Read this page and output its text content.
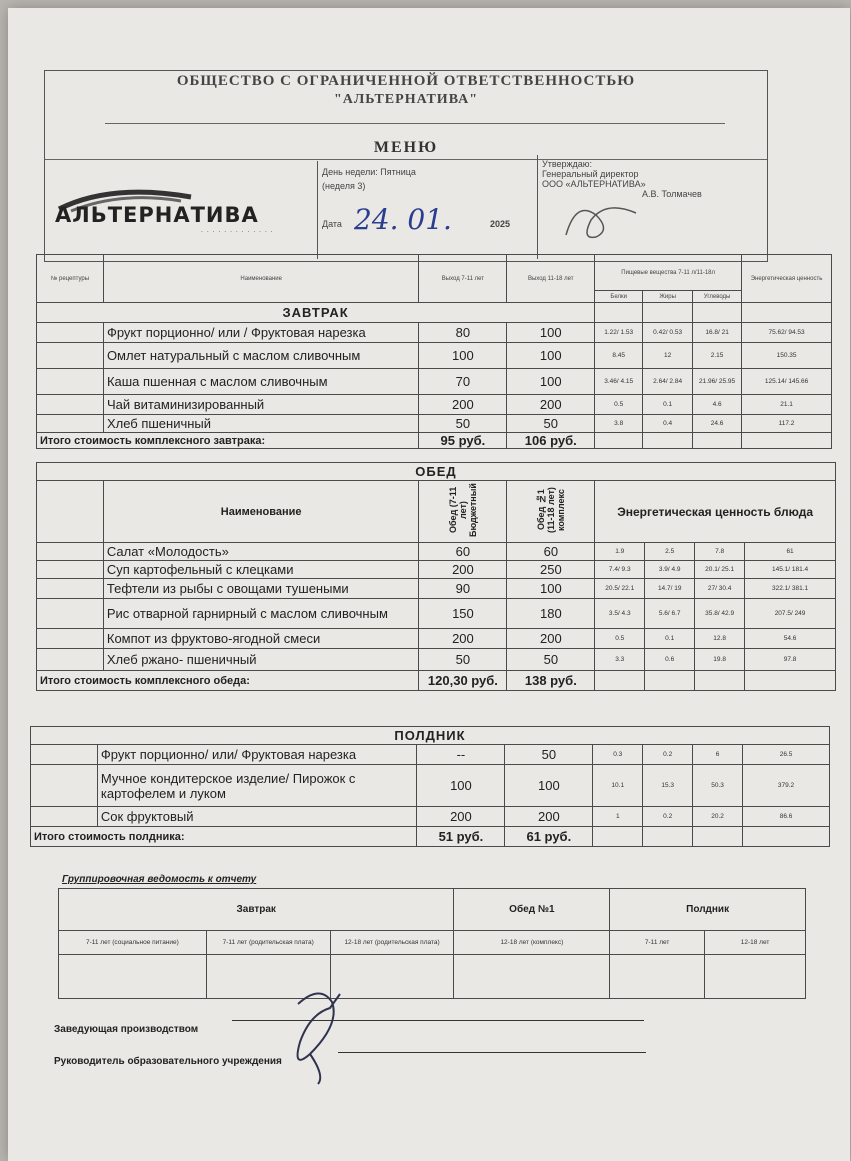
ОБЩЕСТВО С ОГРАНИЧЕННОЙ ОТВЕТСТВЕННОСТЬЮ
"АЛЬТЕРНАТИВА"
МЕНЮ
АЛЬТЕРНАТИВА
· · · · · · · · · · · · ·
День недели: Пятница
(неделя 3)
Дата 24. 01.	2025
Утверждаю:
Генеральный директор
ООО «АЛЬТЕРНАТИВА»
А.В. Толмачев
№ рецептуры	Наименование	Выход 7-11 лет	Выход 11-18 лет	Пищевые вещества 7-11 л/11-18л			Энергетическая ценность
				Белки	Жиры	Углеводы	
ЗАВТРАК							
	Фрукт порционно/ или / Фруктовая нарезка	80	100	1.22/ 1.53	0.42/ 0.53	16.8/ 21	75.62/ 94.53
	Омлет натуральный с маслом сливочным	100	100	8.45	12	2.15	150.35
	Каша пшенная с маслом сливочным	70	100	3.46/ 4.15	2.64/ 2.84	21.96/ 25.95	125.14/ 145.66
	Чай витаминизированный	200	200	0.5	0.1	4.6	21.1
	Хлеб пшеничный	50	50	3.8	0.4	24.6	117.2
Итого стоимость комплексного завтрака:		95 руб.	106 руб.				
ОБЕД							
	Наименование	Обед (7-11 лет) Бюджетный	Обед №1 (11-18 лет) комплекс	Энергетическая ценность блюда			
	Салат «Молодость»	60	60	1.9	2.5	7.8	61
	Суп картофельный с клецками	200	250	7.4/ 9.3	3.9/ 4.9	20.1/ 25.1	145.1/ 181.4
	Тефтели из рыбы с овощами тушеными	90	100	20.5/ 22.1	14.7/ 19	27/ 30.4	322.1/ 381.1
	Рис отварной гарнирный с маслом сливочным	150	180	3.5/ 4.3	5.6/ 6.7	35.8/ 42.9	207.5/ 249
	Компот из фруктово-ягодной смеси	200	200	0.5	0.1	12.8	54.6
	Хлеб ржано- пшеничный	50	50	3.3	0.6	19.8	97.8
Итого стоимость комплексного обеда:		120,30 руб.	138 руб.				
ПОЛДНИК							
	Фрукт порционно/ или/ Фруктовая нарезка	--	50	0.3	0.2	6	26.5
	Мучное кондитерское изделие/ Пирожок с картофелем и луком	100	100	10.1	15.3	50.3	379.2
	Сок фруктовый	200	200	1	0.2	20.2	86.6
Итого стоимость полдника:		51 руб.	61 руб.				
Группировочная ведомость к отчету
Завтрак			Обед №1	Полдник	
7-11 лет (социальное питание)	7-11 лет (родительская плата)	12-18 лет (родительская плата)	12-18 лет (комплекс)	7-11 лет	12-18 лет

Заведующая производством
Руководитель образовательного учреждения
